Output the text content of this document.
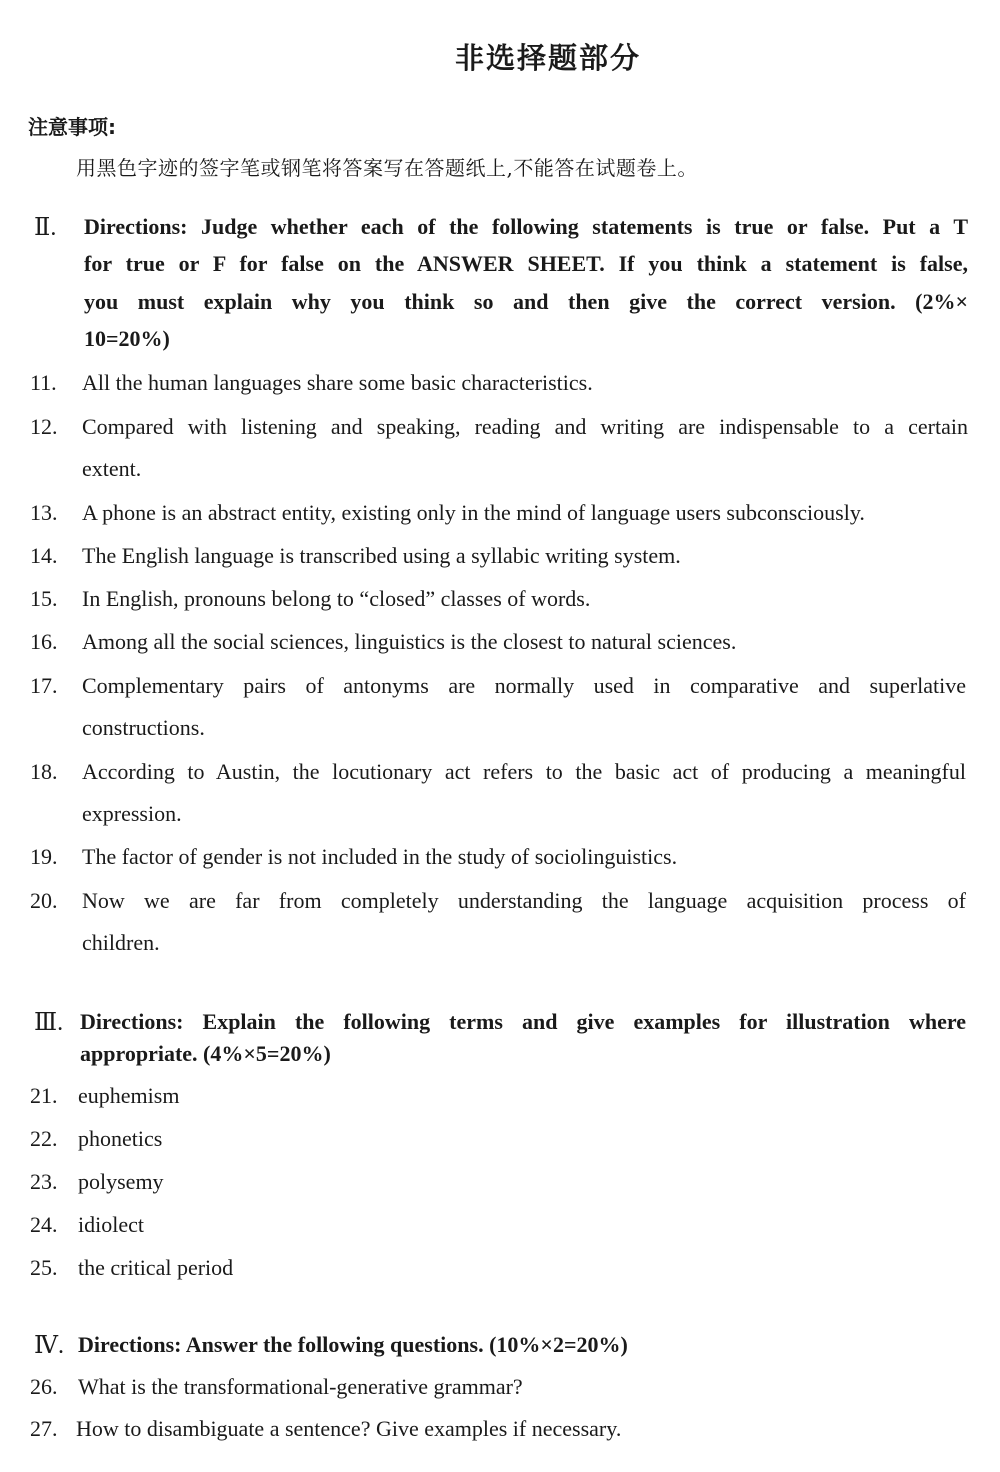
非选择题部分
注意事项:
用黑色字迹的签字笔或钢笔将答案写在答题纸上,不能答在试题卷上。
Ⅱ. Directions: Judge whether each of the following statements is true or false. Put a T
for true or F for false on the ANSWER SHEET. If you think a statement is false,
you must explain why you think so and then give the correct version. (2%×
10=20%)
11.	All the human languages share some basic characteristics.
12.	Compared with listening and speaking, reading and writing are indispensable to a certain
extent.
13.	A phone is an abstract entity, existing only in the mind of language users subconsciously.
14.	The English language is transcribed using a syllabic writing system.
15.	In English, pronouns belong to “closed” classes of words.
16.	Among all the social sciences, linguistics is the closest to natural sciences.
17.	Complementary pairs of antonyms are normally used in comparative and superlative
constructions.
18.	According to Austin, the locutionary act refers to the basic act of producing a meaningful
expression.
19.	The factor of gender is not included in the study of sociolinguistics.
20.	Now we are far from completely understanding the language acquisition process of
children.
Ⅲ. Directions: Explain the following terms and give examples for illustration where
appropriate. (4%×5=20%)
21. euphemism
22. phonetics
23. polysemy
24. idiolect
25. the critical period
Ⅳ. Directions: Answer the following questions. (10%×2=20%)
26. What is the transformational-generative grammar?
27. How to disambiguate a sentence? Give examples if necessary.
